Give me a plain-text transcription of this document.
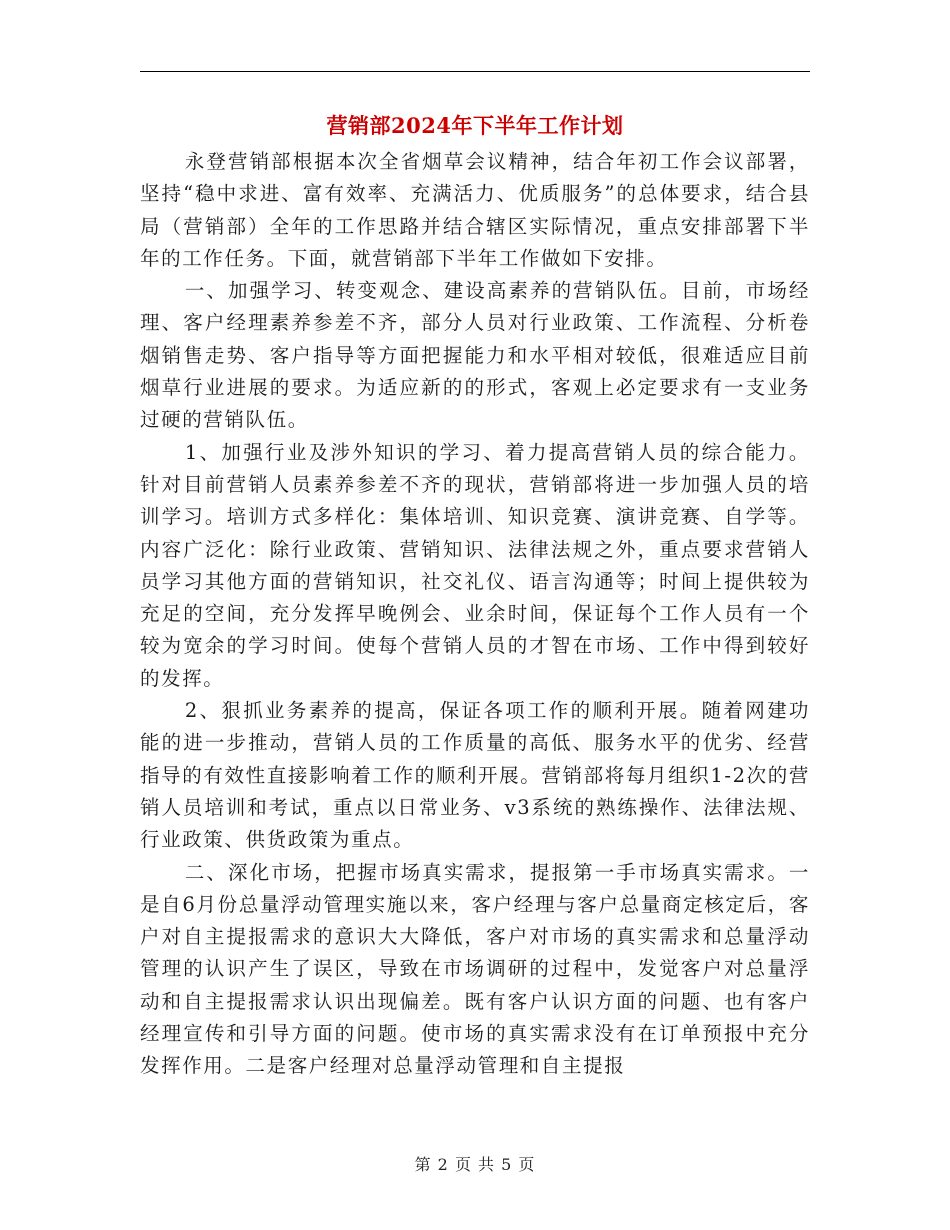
营销部2024年下半年工作计划

永登营销部根据本次全省烟草会议精神，结合年初工作会议部署，坚持“稳中求进、富有效率、充满活力、优质服务”的总体要求，结合县局（营销部）全年的工作思路并结合辖区实际情况，重点安排部署下半年的工作任务。下面，就营销部下半年工作做如下安排。

一、加强学习、转变观念、建设高素养的营销队伍。目前，市场经理、客户经理素养参差不齐，部分人员对行业政策、工作流程、分析卷烟销售走势、客户指导等方面把握能力和水平相对较低，很难适应目前烟草行业进展的要求。为适应新的的形式，客观上必定要求有一支业务过硬的营销队伍。

1、加强行业及涉外知识的学习、着力提高营销人员的综合能力。针对目前营销人员素养参差不齐的现状，营销部将进一步加强人员的培训学习。培训方式多样化：集体培训、知识竞赛、演讲竞赛、自学等。内容广泛化：除行业政策、营销知识、法律法规之外，重点要求营销人员学习其他方面的营销知识，社交礼仪、语言沟通等；时间上提供较为充足的空间，充分发挥早晚例会、业余时间，保证每个工作人员有一个较为宽余的学习时间。使每个营销人员的才智在市场、工作中得到较好的发挥。

2、狠抓业务素养的提高，保证各项工作的顺利开展。随着网建功能的进一步推动，营销人员的工作质量的高低、服务水平的优劣、经营指导的有效性直接影响着工作的顺利开展。营销部将每月组织1-2次的营销人员培训和考试，重点以日常业务、v3系统的熟练操作、法律法规、行业政策、供货政策为重点。

二、深化市场，把握市场真实需求，提报第一手市场真实需求。一是自6月份总量浮动管理实施以来，客户经理与客户总量商定核定后，客户对自主提报需求的意识大大降低，客户对市场的真实需求和总量浮动管理的认识产生了误区，导致在市场调研的过程中，发觉客户对总量浮动和自主提报需求认识出现偏差。既有客户认识方面的问题、也有客户经理宣传和引导方面的问题。使市场的真实需求没有在订单预报中充分发挥作用。二是客户经理对总量浮动管理和自主提报

第 2 页 共 5 页
